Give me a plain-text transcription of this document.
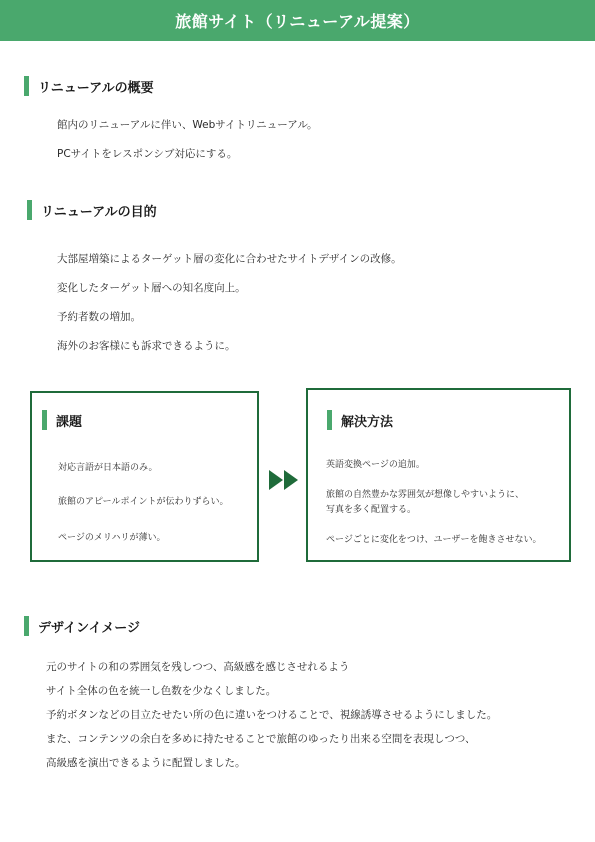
旅館サイト（リニューアル提案）
リニューアルの概要
館内のリニューアルに伴い、Webサイトリニューアル。
PCサイトをレスポンシブ対応にする。
リニューアルの目的
大部屋増築によるターゲット層の変化に合わせたサイトデザインの改修。
変化したターゲット層への知名度向上。
予約者数の増加。
海外のお客様にも訴求できるように。
課題
対応言語が日本語のみ。
旅館のアピールポイントが伝わりずらい。
ページのメリハリが薄い。
解決方法
英語変換ページの追加。
旅館の自然豊かな雰囲気が想像しやすいように、
写真を多く配置する。
ページごとに変化をつけ、ユーザーを飽きさせない。
デザインイメージ
元のサイトの和の雰囲気を残しつつ、高級感を感じさせれるよう
サイト全体の色を統一し色数を少なくしました。
予約ボタンなどの目立たせたい所の色に違いをつけることで、視線誘導させるようにしました。
また、コンテンツの余白を多めに持たせることで旅館のゆったり出来る空間を表現しつつ、
高級感を演出できるように配置しました。
